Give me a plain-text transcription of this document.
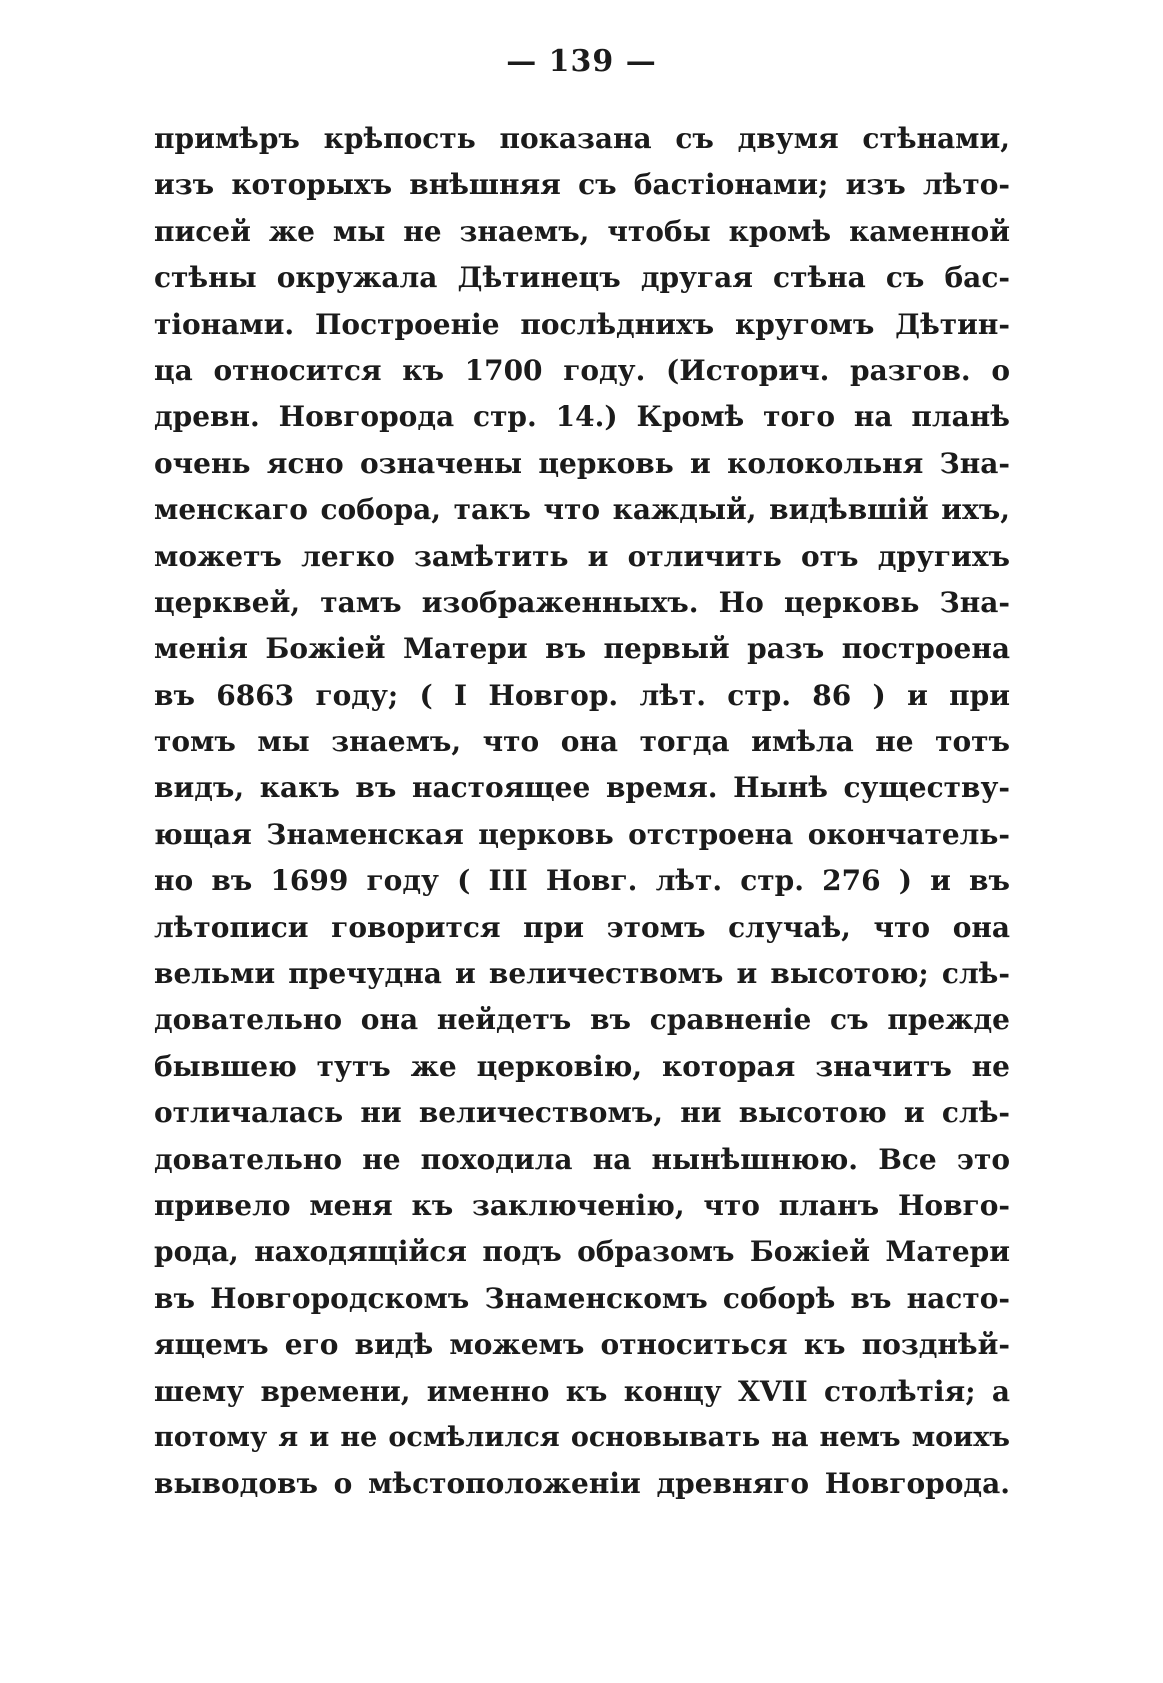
— 139 —
примѣръ крѣпость показана съ двумя стѣнами,
изъ которыхъ внѣшняя съ бастіонами; изъ лѣто-
писей же мы не знаемъ, чтобы кромѣ каменной
стѣны окружала Дѣтинецъ другая стѣна съ бас-
тіонами. Построеніе послѣднихъ кругомъ Дѣтин-
ца относится къ 1700 году. (Историч. разгов. о
древн. Новгорода стр. 14.) Кромѣ того на планѣ
очень ясно означены церковь и колокольня Зна-
менскаго собора, такъ что каждый, видѣвшій ихъ,
можетъ легко замѣтить и отличить отъ другихъ
церквей, тамъ изображенныхъ. Но церковь Зна-
менія Божіей Матери въ первый разъ построена
въ 6863 году; ( I Новгор. лѣт. стр. 86 ) и при
томъ мы знаемъ, что она тогда имѣла не тотъ
видъ, какъ въ настоящее время. Нынѣ существу-
ющая Знаменская церковь отстроена окончатель-
но въ 1699 году ( III Новг. лѣт. стр. 276 ) и въ
лѣтописи говорится при этомъ случаѣ, что она
вельми пречудна и величествомъ и высотою; слѣ-
довательно она нейдетъ въ сравненіе съ прежде
бывшею тутъ же церковію, которая значитъ не
отличалась ни величествомъ, ни высотою и слѣ-
довательно не походила на нынѣшнюю. Все это
привело меня къ заключенію, что планъ Новго-
рода, находящійся подъ образомъ Божіей Матери
въ Новгородскомъ Знаменскомъ соборѣ въ насто-
ящемъ его видѣ можемъ относиться къ позднѣй-
шему времени, именно къ концу XVII столѣтія; а
потому я и не осмѣлился основывать на немъ моихъ
выводовъ о мѣстоположеніи древняго Новгорода.
